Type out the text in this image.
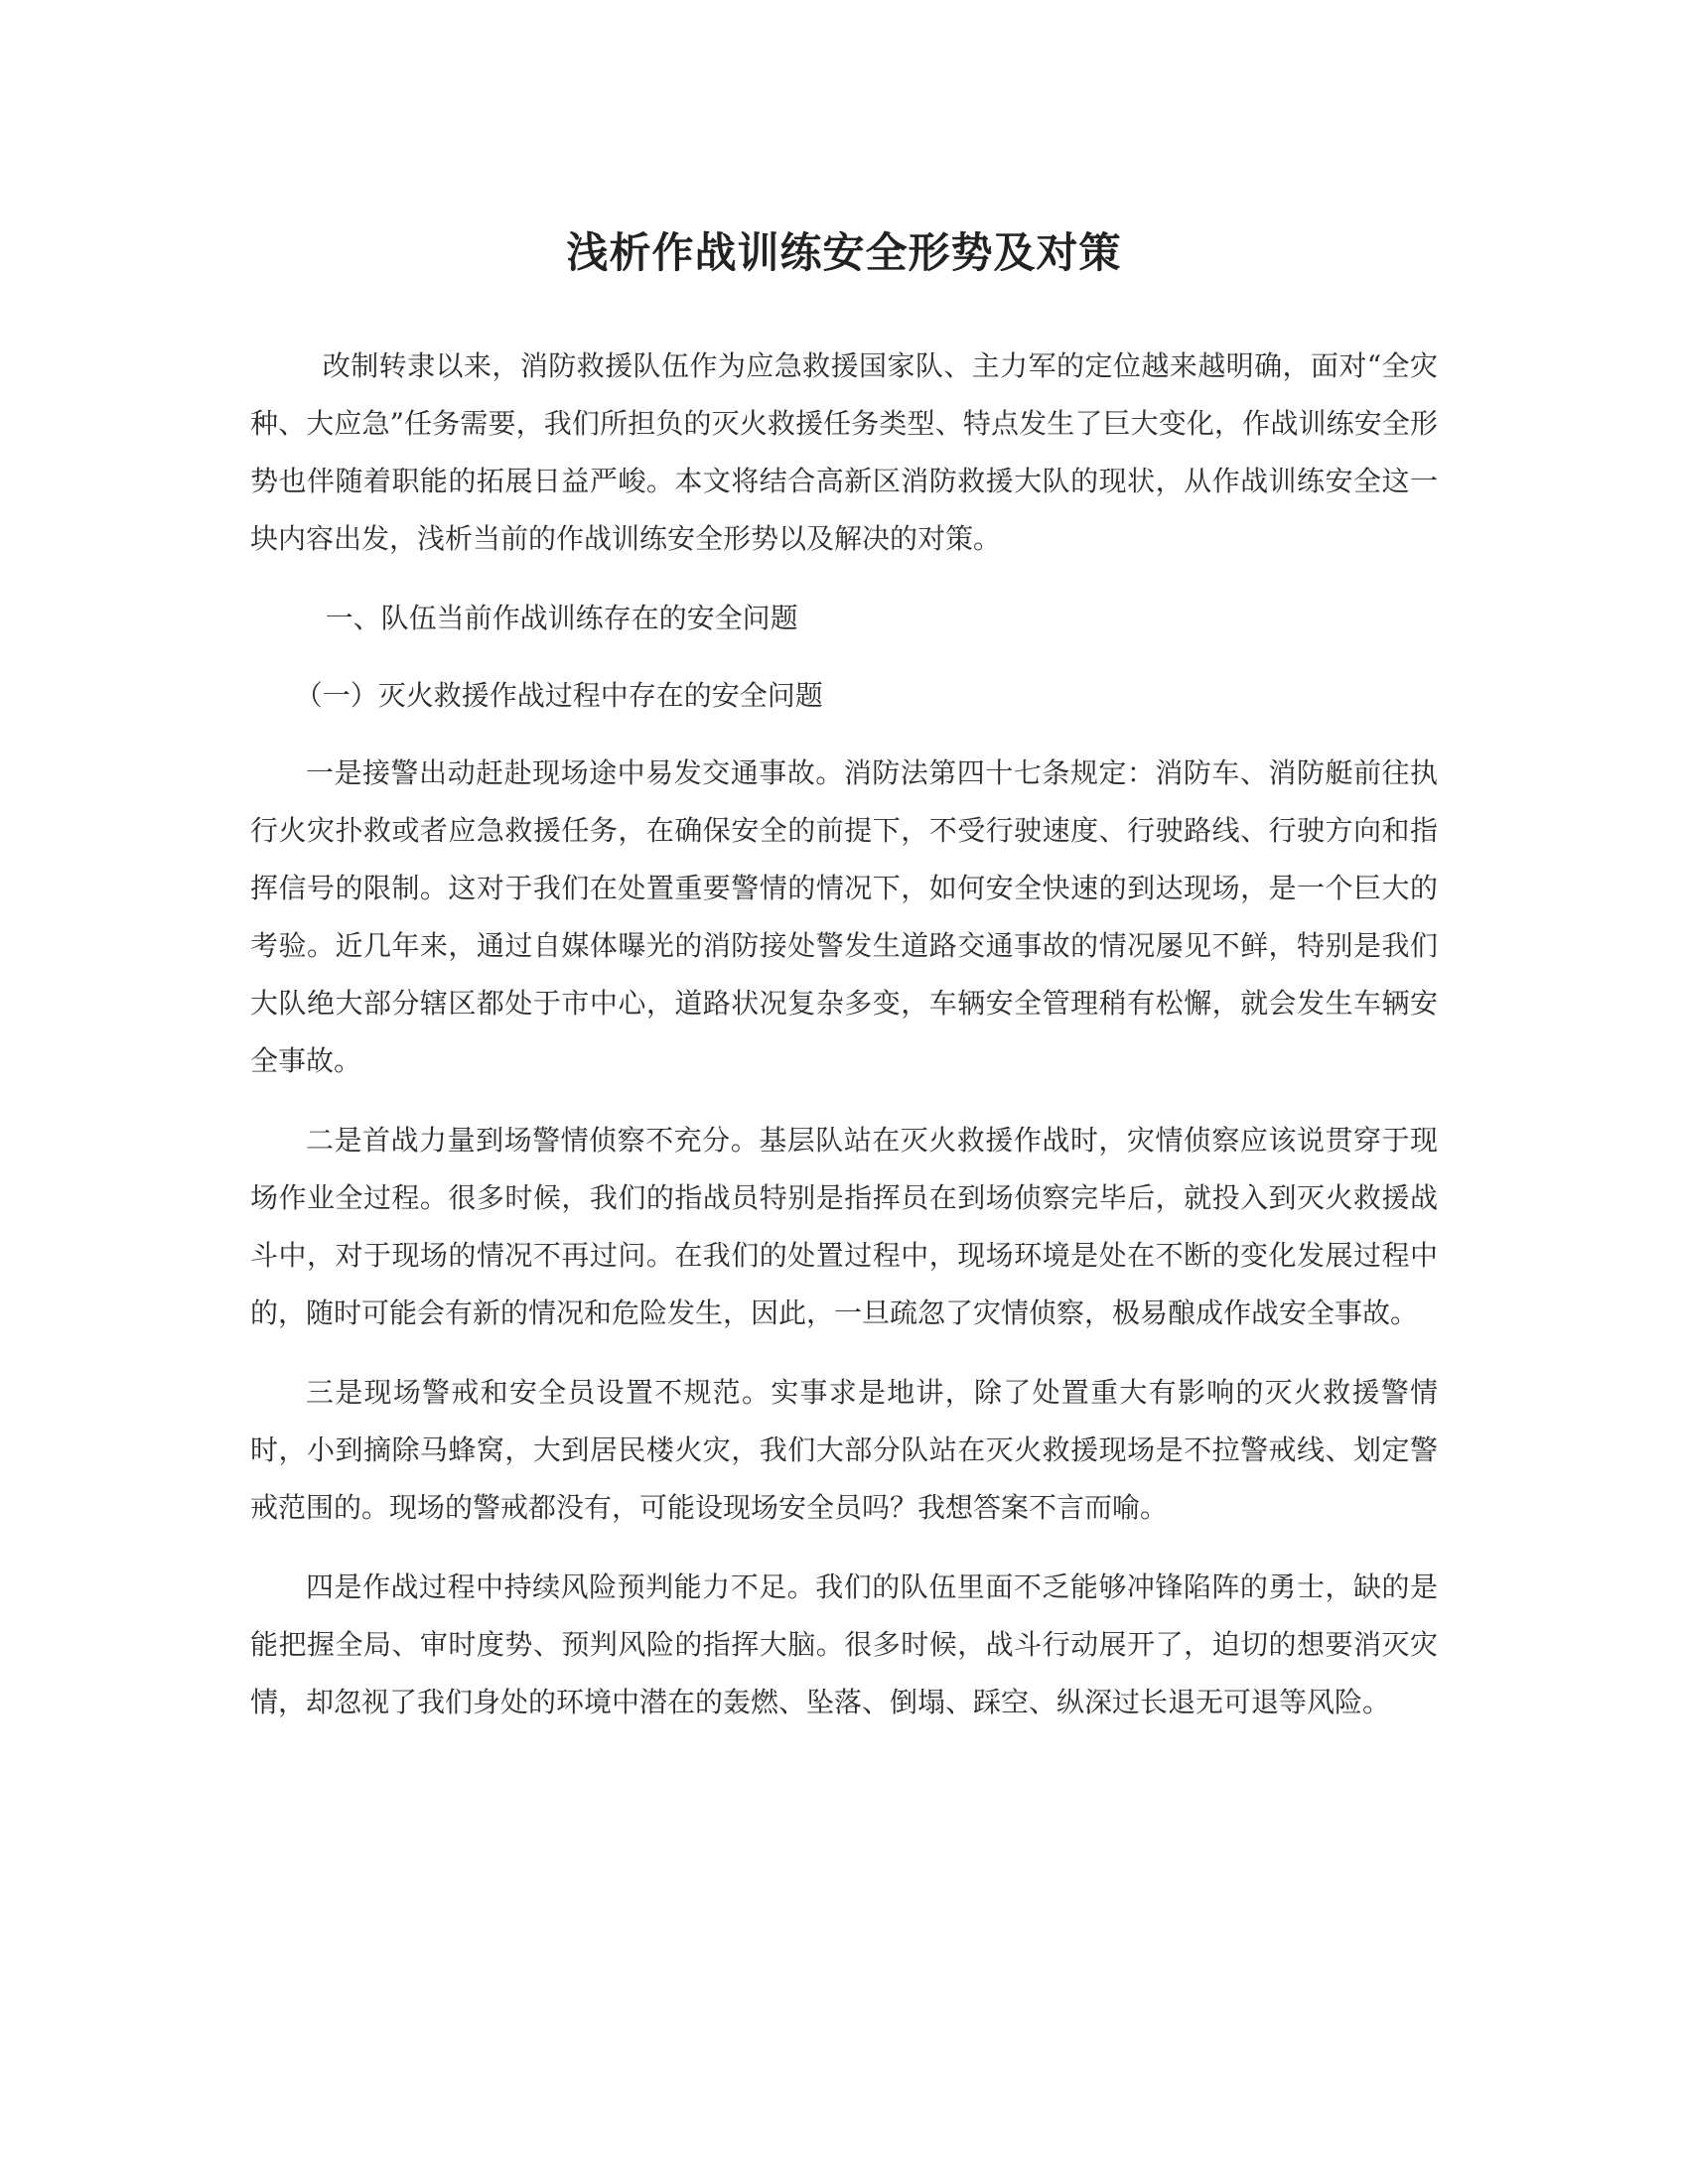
浅析作战训练安全形势及对策

改制转隶以来，消防救援队伍作为应急救援国家队、主力军的定位越来越明确，面对“全灾种、大应急”任务需要，我们所担负的灭火救援任务类型、特点发生了巨大变化，作战训练安全形势也伴随着职能的拓展日益严峻。本文将结合高新区消防救援大队的现状，从作战训练安全这一块内容出发，浅析当前的作战训练安全形势以及解决的对策。

一、队伍当前作战训练存在的安全问题

（一）灭火救援作战过程中存在的安全问题

一是接警出动赶赴现场途中易发交通事故。消防法第四十七条规定：消防车、消防艇前往执行火灾扑救或者应急救援任务，在确保安全的前提下，不受行驶速度、行驶路线、行驶方向和指挥信号的限制。这对于我们在处置重要警情的情况下，如何安全快速的到达现场，是一个巨大的考验。近几年来，通过自媒体曝光的消防接处警发生道路交通事故的情况屡见不鲜，特别是我们大队绝大部分辖区都处于市中心，道路状况复杂多变，车辆安全管理稍有松懈，就会发生车辆安全事故。

二是首战力量到场警情侦察不充分。基层队站在灭火救援作战时，灾情侦察应该说贯穿于现场作业全过程。很多时候，我们的指战员特别是指挥员在到场侦察完毕后，就投入到灭火救援战斗中，对于现场的情况不再过问。在我们的处置过程中，现场环境是处在不断的变化发展过程中的，随时可能会有新的情况和危险发生，因此，一旦疏忽了灾情侦察，极易酿成作战安全事故。

三是现场警戒和安全员设置不规范。实事求是地讲，除了处置重大有影响的灭火救援警情时，小到摘除马蜂窝，大到居民楼火灾，我们大部分队站在灭火救援现场是不拉警戒线、划定警戒范围的。现场的警戒都没有，可能设现场安全员吗？我想答案不言而喻。

四是作战过程中持续风险预判能力不足。我们的队伍里面不乏能够冲锋陷阵的勇士，缺的是能把握全局、审时度势、预判风险的指挥大脑。很多时候，战斗行动展开了，迫切的想要消灭灾情，却忽视了我们身处的环境中潜在的轰燃、坠落、倒塌、踩空、纵深过长退无可退等风险。
